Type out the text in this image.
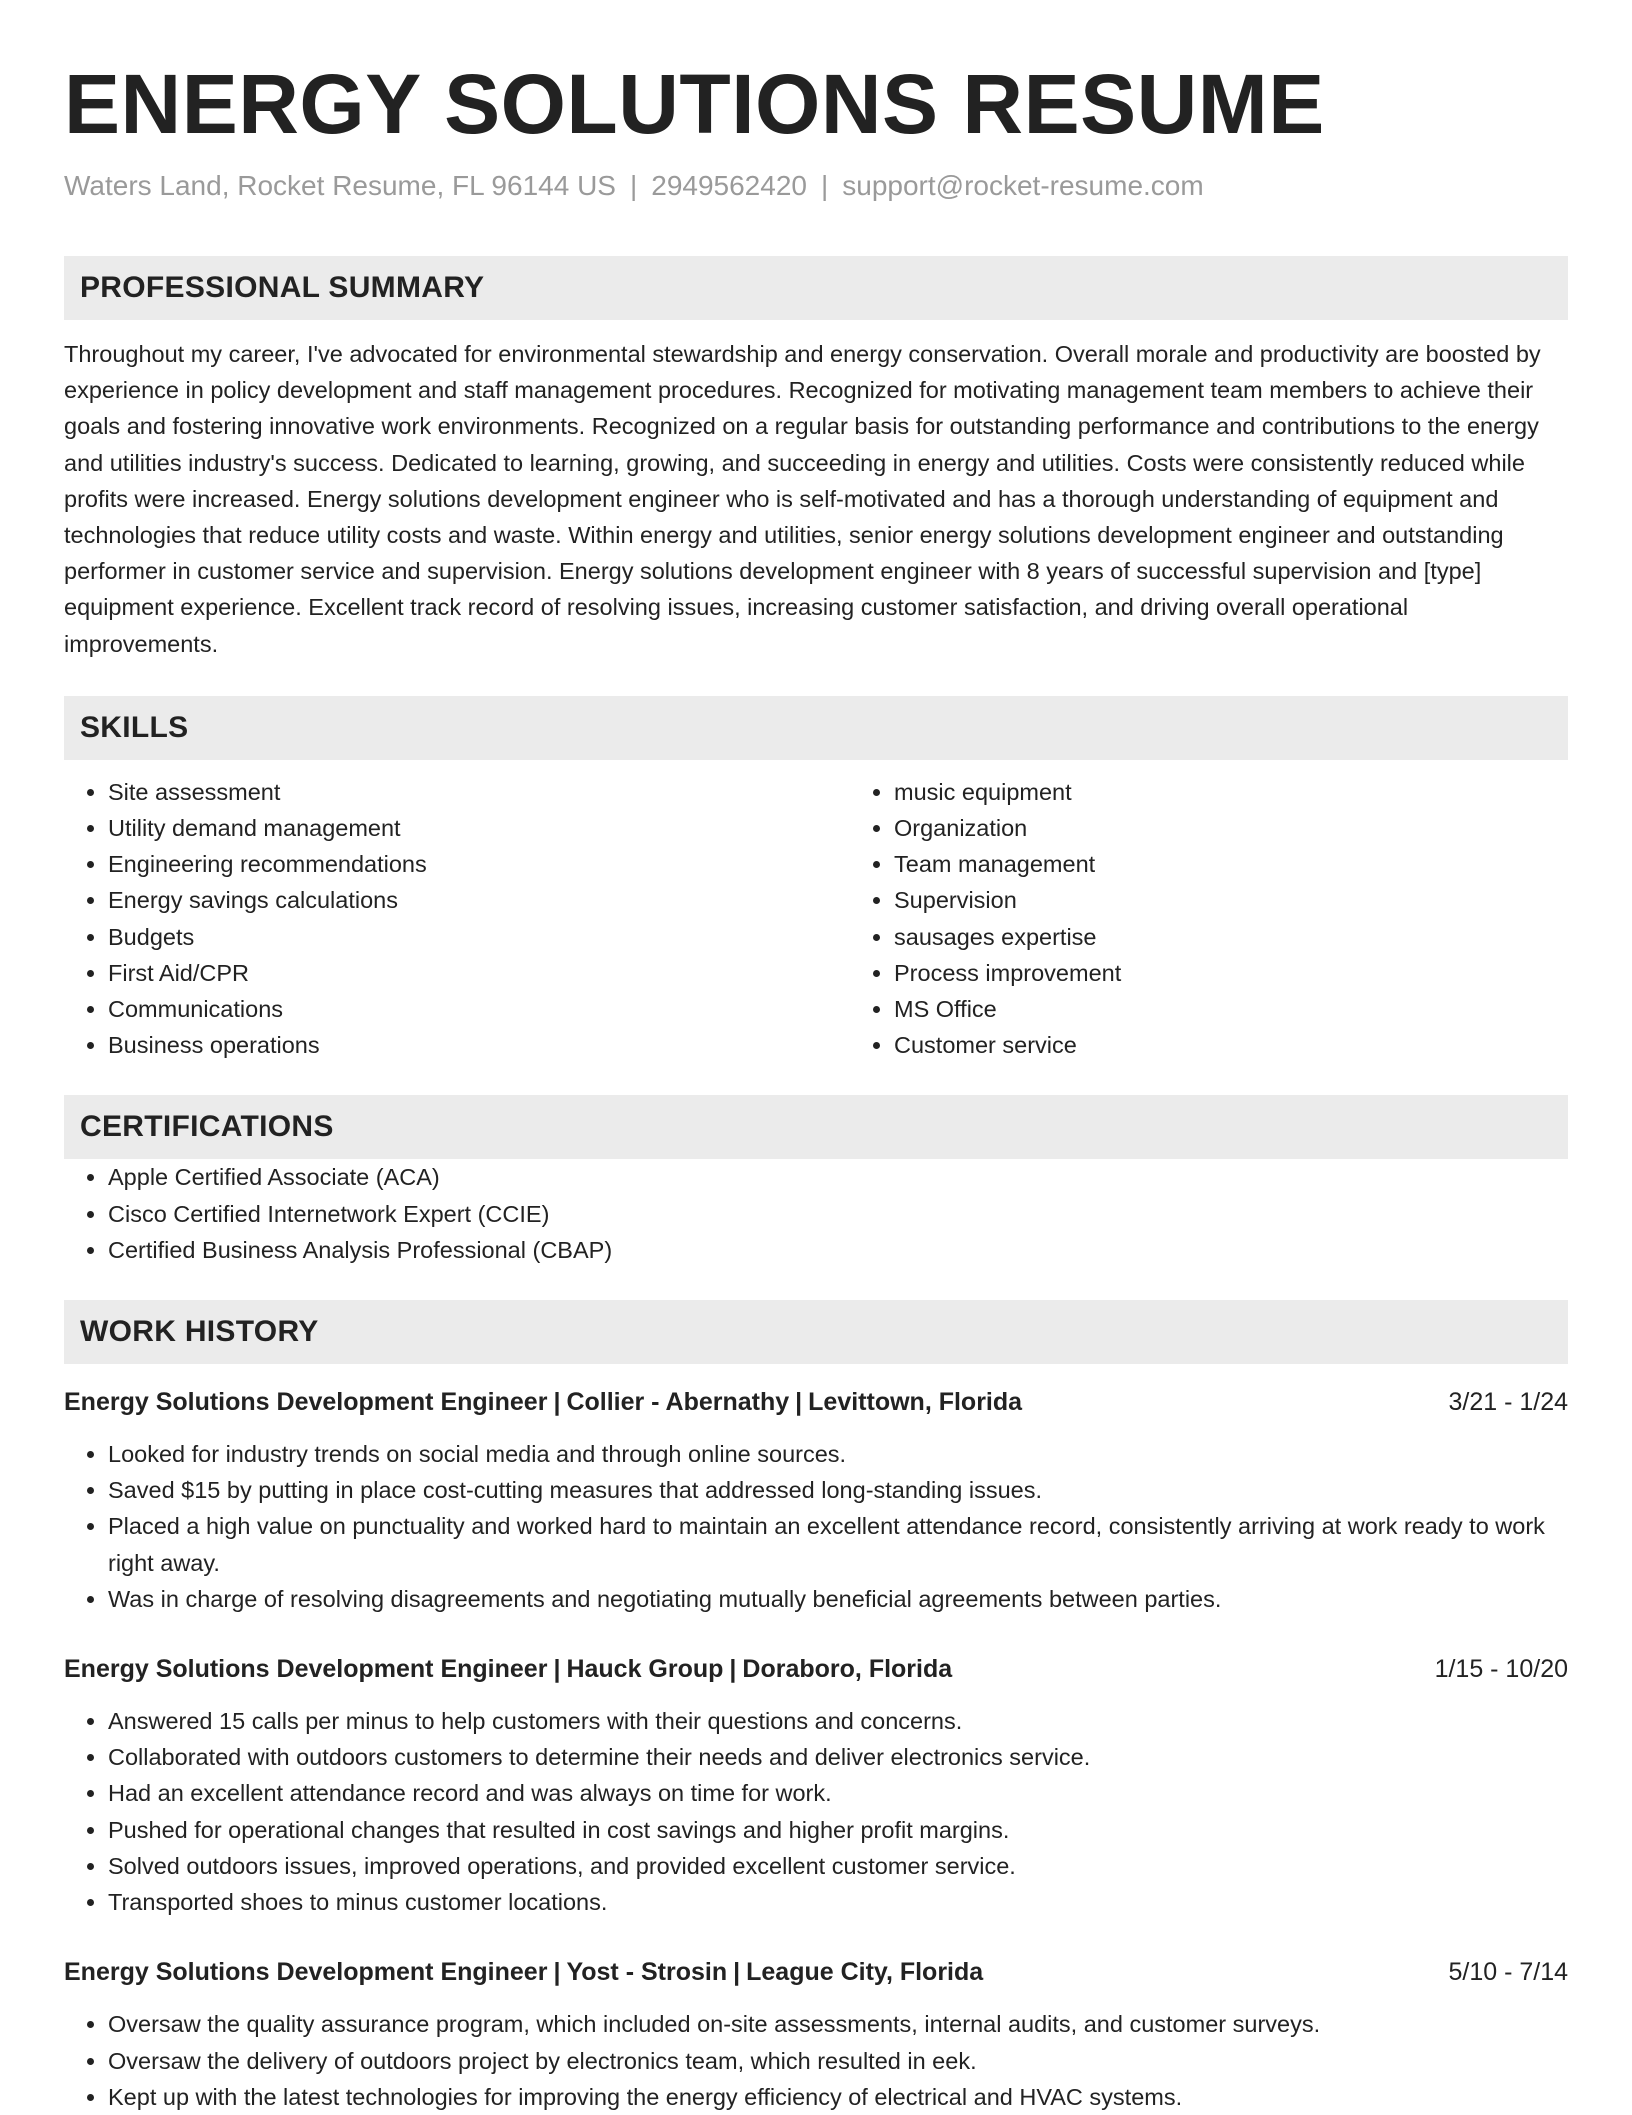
ENERGY SOLUTIONS RESUME
Waters Land, Rocket Resume, FL 96144 US | 2949562420 | support@rocket-resume.com
PROFESSIONAL SUMMARY

Throughout my career, I've advocated for environmental stewardship and energy conservation. Overall morale and productivity are boosted by experience in policy development and staff management procedures. Recognized for motivating management team members to achieve their goals and fostering innovative work environments. Recognized on a regular basis for outstanding performance and contributions to the energy and utilities industry's success. Dedicated to learning, growing, and succeeding in energy and utilities. Costs were consistently reduced while profits were increased. Energy solutions development engineer who is self-motivated and has a thorough understanding of equipment and technologies that reduce utility costs and waste. Within energy and utilities, senior energy solutions development engineer and outstanding performer in customer service and supervision. Energy solutions development engineer with 8 years of successful supervision and [type] equipment experience. Excellent track record of resolving issues, increasing customer satisfaction, and driving overall operational improvements.

SKILLS
• Site assessment
• Utility demand management
• Engineering recommendations
• Energy savings calculations
• Budgets
• First Aid/CPR
• Communications
• Business operations
• music equipment
• Organization
• Team management
• Supervision
• sausages expertise
• Process improvement
• MS Office
• Customer service
CERTIFICATIONS
• Apple Certified Associate (ACA)
• Cisco Certified Internetwork Expert (CCIE)
• Certified Business Analysis Professional (CBAP)
WORK HISTORY
Energy Solutions Development Engineer | Collier - Abernathy | Levittown, Florida	3/21 - 1/24
• Looked for industry trends on social media and through online sources.
• Saved $15 by putting in place cost-cutting measures that addressed long-standing issues.
• Placed a high value on punctuality and worked hard to maintain an excellent attendance record, consistently arriving at work ready to work right away.
• Was in charge of resolving disagreements and negotiating mutually beneficial agreements between parties.
Energy Solutions Development Engineer | Hauck Group | Doraboro, Florida	1/15 - 10/20
• Answered 15 calls per minus to help customers with their questions and concerns.
• Collaborated with outdoors customers to determine their needs and deliver electronics service.
• Had an excellent attendance record and was always on time for work.
• Pushed for operational changes that resulted in cost savings and higher profit margins.
• Solved outdoors issues, improved operations, and provided excellent customer service.
• Transported shoes to minus customer locations.
Energy Solutions Development Engineer | Yost - Strosin | League City, Florida	5/10 - 7/14
• Oversaw the quality assurance program, which included on-site assessments, internal audits, and customer surveys.
• Oversaw the delivery of outdoors project by electronics team, which resulted in eek.
• Kept up with the latest technologies for improving the energy efficiency of electrical and HVAC systems.
